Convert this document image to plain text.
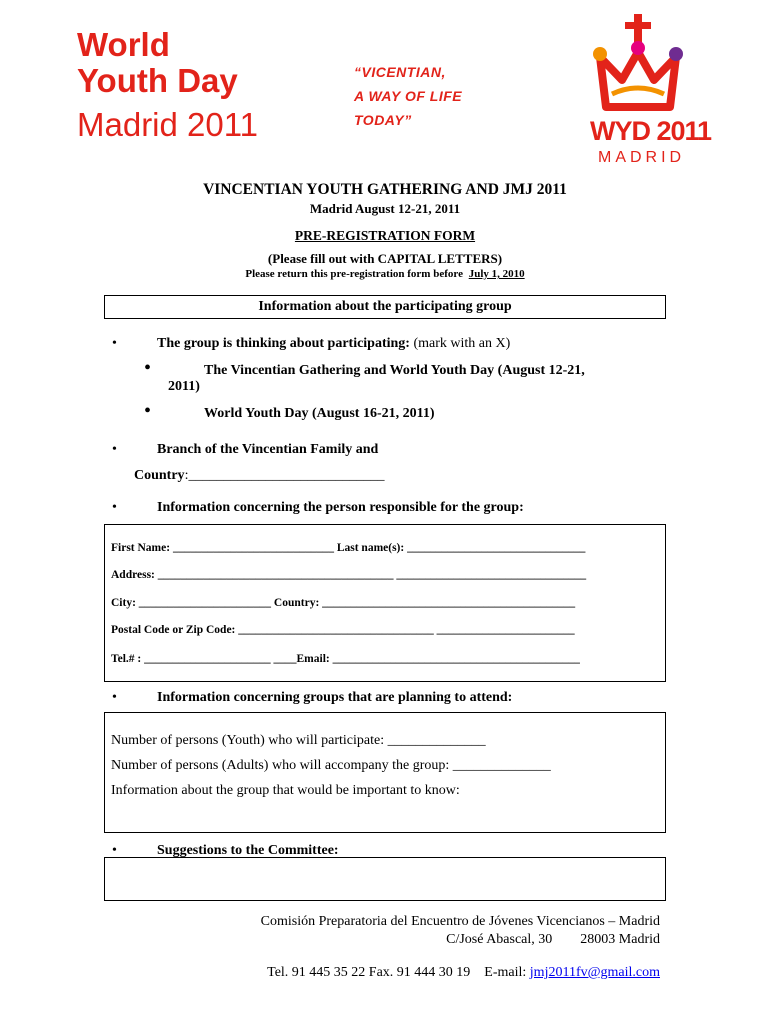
World
Youth Day
Madrid 2011
“VICENTIAN,
A WAY OF LIFE
TODAY”	WYD 2011
MADRID
VINCENTIAN YOUTH GATHERING AND JMJ 2011
Madrid August 12-21, 2011
PRE-REGISTRATION FORM
(Please fill out with CAPITAL LETTERS)
Please return this pre-registration form before July 1, 2010
Information about the participating group
•	The group is thinking about participating: (mark with an X)
•	The Vincentian Gathering and World Youth Day (August 12-21,
2011)
•	World Youth Day (August 16-21, 2011)
•	Branch of the Vincentian Family and
Country:____________________________
•	Information concerning the person responsible for the group:
First Name: ____________________________ Last name(s): _______________________________
Address: _________________________________________ _________________________________
City: _______________________ Country: ____________________________________________
Postal Code or Zip Code: __________________________________ ________________________
Tel.# : ______________________ ____Email: ___________________________________________
•	Information concerning groups that are planning to attend:
Number of persons (Youth) who will participate: ______________
Number of persons (Adults) who will accompany the group: ______________
Information about the group that would be important to know:
•	Suggestions to the Committee:
Comisión Preparatoria del Encuentro de Jóvenes Vicencianos – Madrid
C/José Abascal, 30        28003 Madrid

Tel. 91 445 35 22 Fax. 91 444 30 19    E-mail: jmj2011fv@gmail.com
